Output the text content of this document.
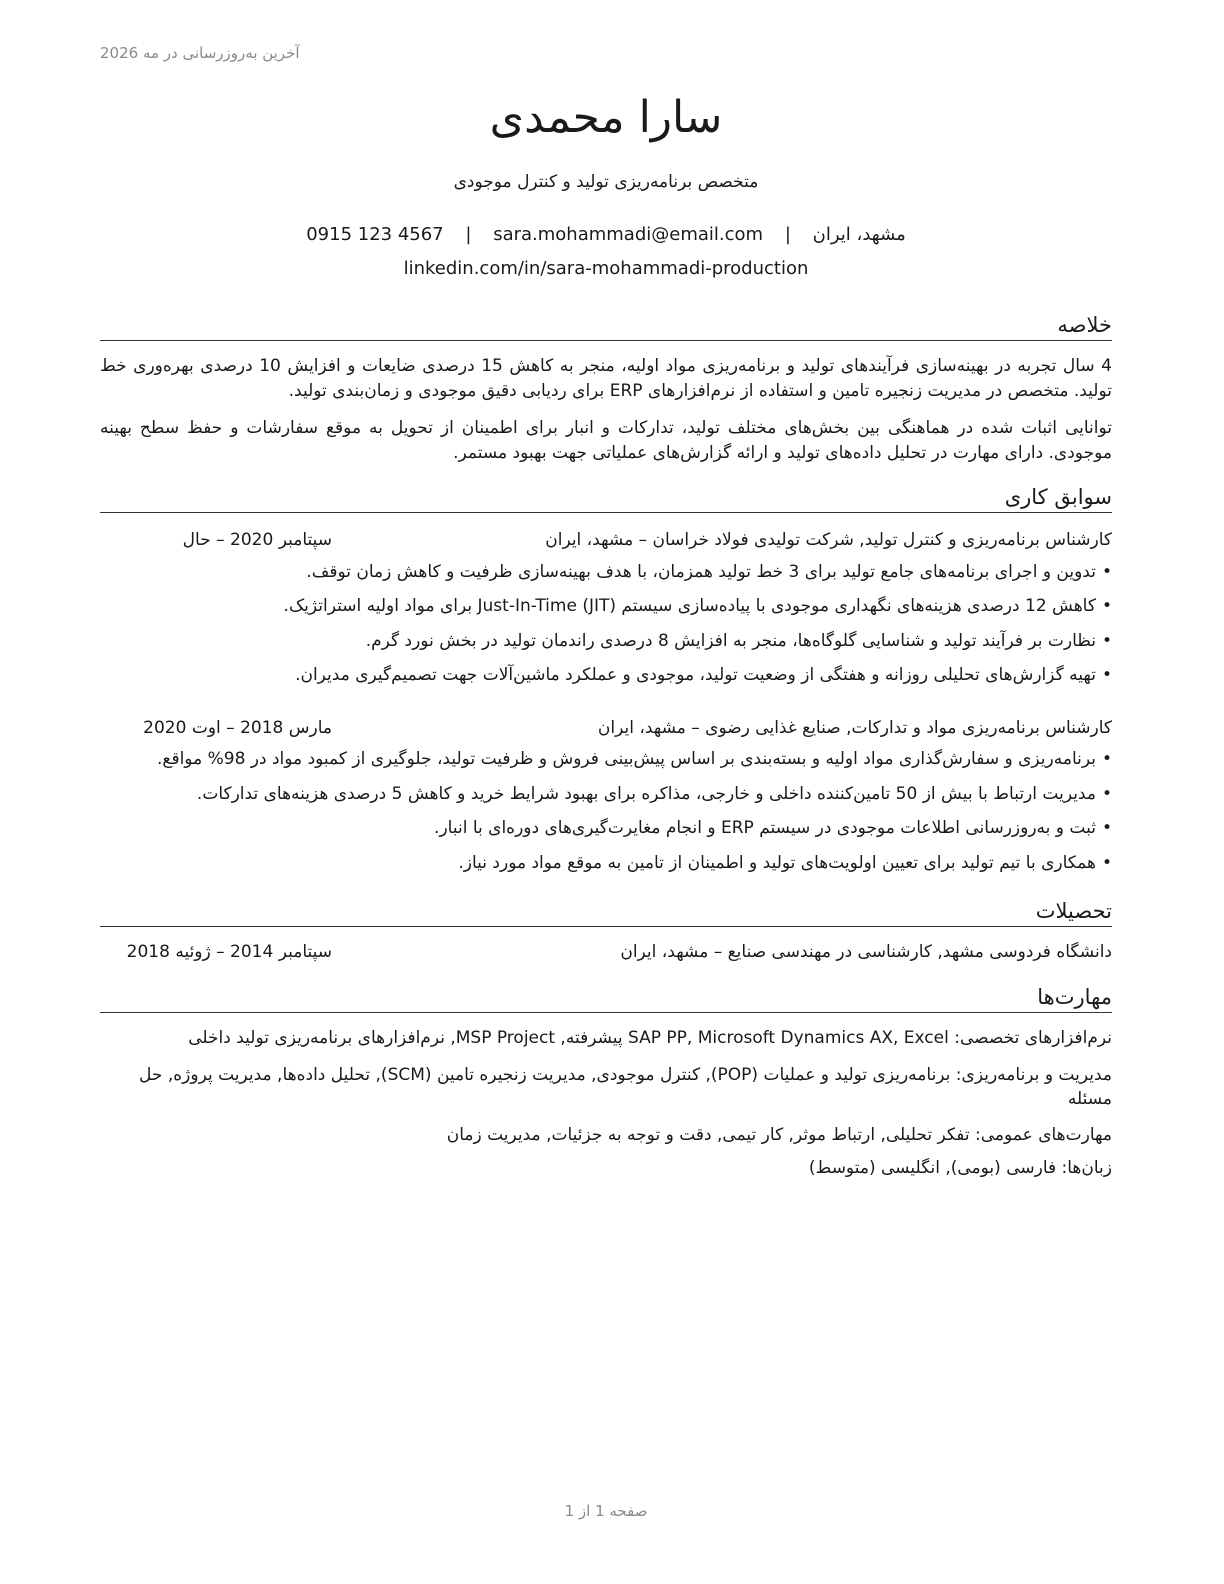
آخرین به‌روزرسانی در مه 2026
سارا محمدی
متخصص برنامه‌ریزی تولید و کنترل موجودی
مشهد، ایران | sara.mohammadi@email.com | 0915 123 4567
linkedin.com/in/sara-mohammadi-production
خلاصه
4 سال تجربه در بهینه‌سازی فرآیندهای تولید و برنامه‌ریزی مواد اولیه، منجر به کاهش 15 درصدی ضایعات و افزایش 10 درصدی بهره‌وری خط تولید. متخصص در مدیریت زنجیره تامین و استفاده از نرم‌افزارهای ERP برای ردیابی دقیق موجودی و زمان‌بندی تولید.
توانایی اثبات شده در هماهنگی بین بخش‌های مختلف تولید، تدارکات و انبار برای اطمینان از تحویل به موقع سفارشات و حفظ سطح بهینه موجودی. دارای مهارت در تحلیل داده‌های تولید و ارائه گزارش‌های عملیاتی جهت بهبود مستمر.
سوابق کاری
کارشناس برنامه‌ریزی و کنترل تولید, شرکت تولیدی فولاد خراسان – مشهد، ایران
سپتامبر 2020 – حال
•تدوین و اجرای برنامه‌های جامع تولید برای 3 خط تولید همزمان، با هدف بهینه‌سازی ظرفیت و کاهش زمان توقف.
•کاهش 12 درصدی هزینه‌های نگهداری موجودی با پیاده‌سازی سیستم Just-In-Time (JIT) برای مواد اولیه استراتژیک.
•نظارت بر فرآیند تولید و شناسایی گلوگاه‌ها، منجر به افزایش 8 درصدی راندمان تولید در بخش نورد گرم.
•تهیه گزارش‌های تحلیلی روزانه و هفتگی از وضعیت تولید، موجودی و عملکرد ماشین‌آلات جهت تصمیم‌گیری مدیران.
کارشناس برنامه‌ریزی مواد و تدارکات, صنایع غذایی رضوی – مشهد، ایران
مارس 2018 – اوت 2020
•برنامه‌ریزی و سفارش‌گذاری مواد اولیه و بسته‌بندی بر اساس پیش‌بینی فروش و ظرفیت تولید، جلوگیری از کمبود مواد در 98% مواقع.
•مدیریت ارتباط با بیش از 50 تامین‌کننده داخلی و خارجی، مذاکره برای بهبود شرایط خرید و کاهش 5 درصدی هزینه‌های تدارکات.
•ثبت و به‌روزرسانی اطلاعات موجودی در سیستم ERP و انجام مغایرت‌گیری‌های دوره‌ای با انبار.
•همکاری با تیم تولید برای تعیین اولویت‌های تولید و اطمینان از تامین به موقع مواد مورد نیاز.
تحصیلات
دانشگاه فردوسی مشهد, کارشناسی در مهندسی صنایع – مشهد، ایران
سپتامبر 2014 – ژوئیه 2018
مهارت‌ها
نرم‌افزارهای تخصصی: SAP PP, Microsoft Dynamics AX, Excel پیشرفته, MSP Project, نرم‌افزارهای برنامه‌ریزی تولید داخلی
مدیریت و برنامه‌ریزی: برنامه‌ریزی تولید و عملیات (POP), کنترل موجودی, مدیریت زنجیره تامین (SCM), تحلیل داده‌ها, مدیریت پروژه, حل مسئله
مهارت‌های عمومی: تفکر تحلیلی, ارتباط موثر, کار تیمی, دقت و توجه به جزئیات, مدیریت زمان
زبان‌ها: فارسی (بومی), انگلیسی (متوسط)
صفحه 1 از 1
